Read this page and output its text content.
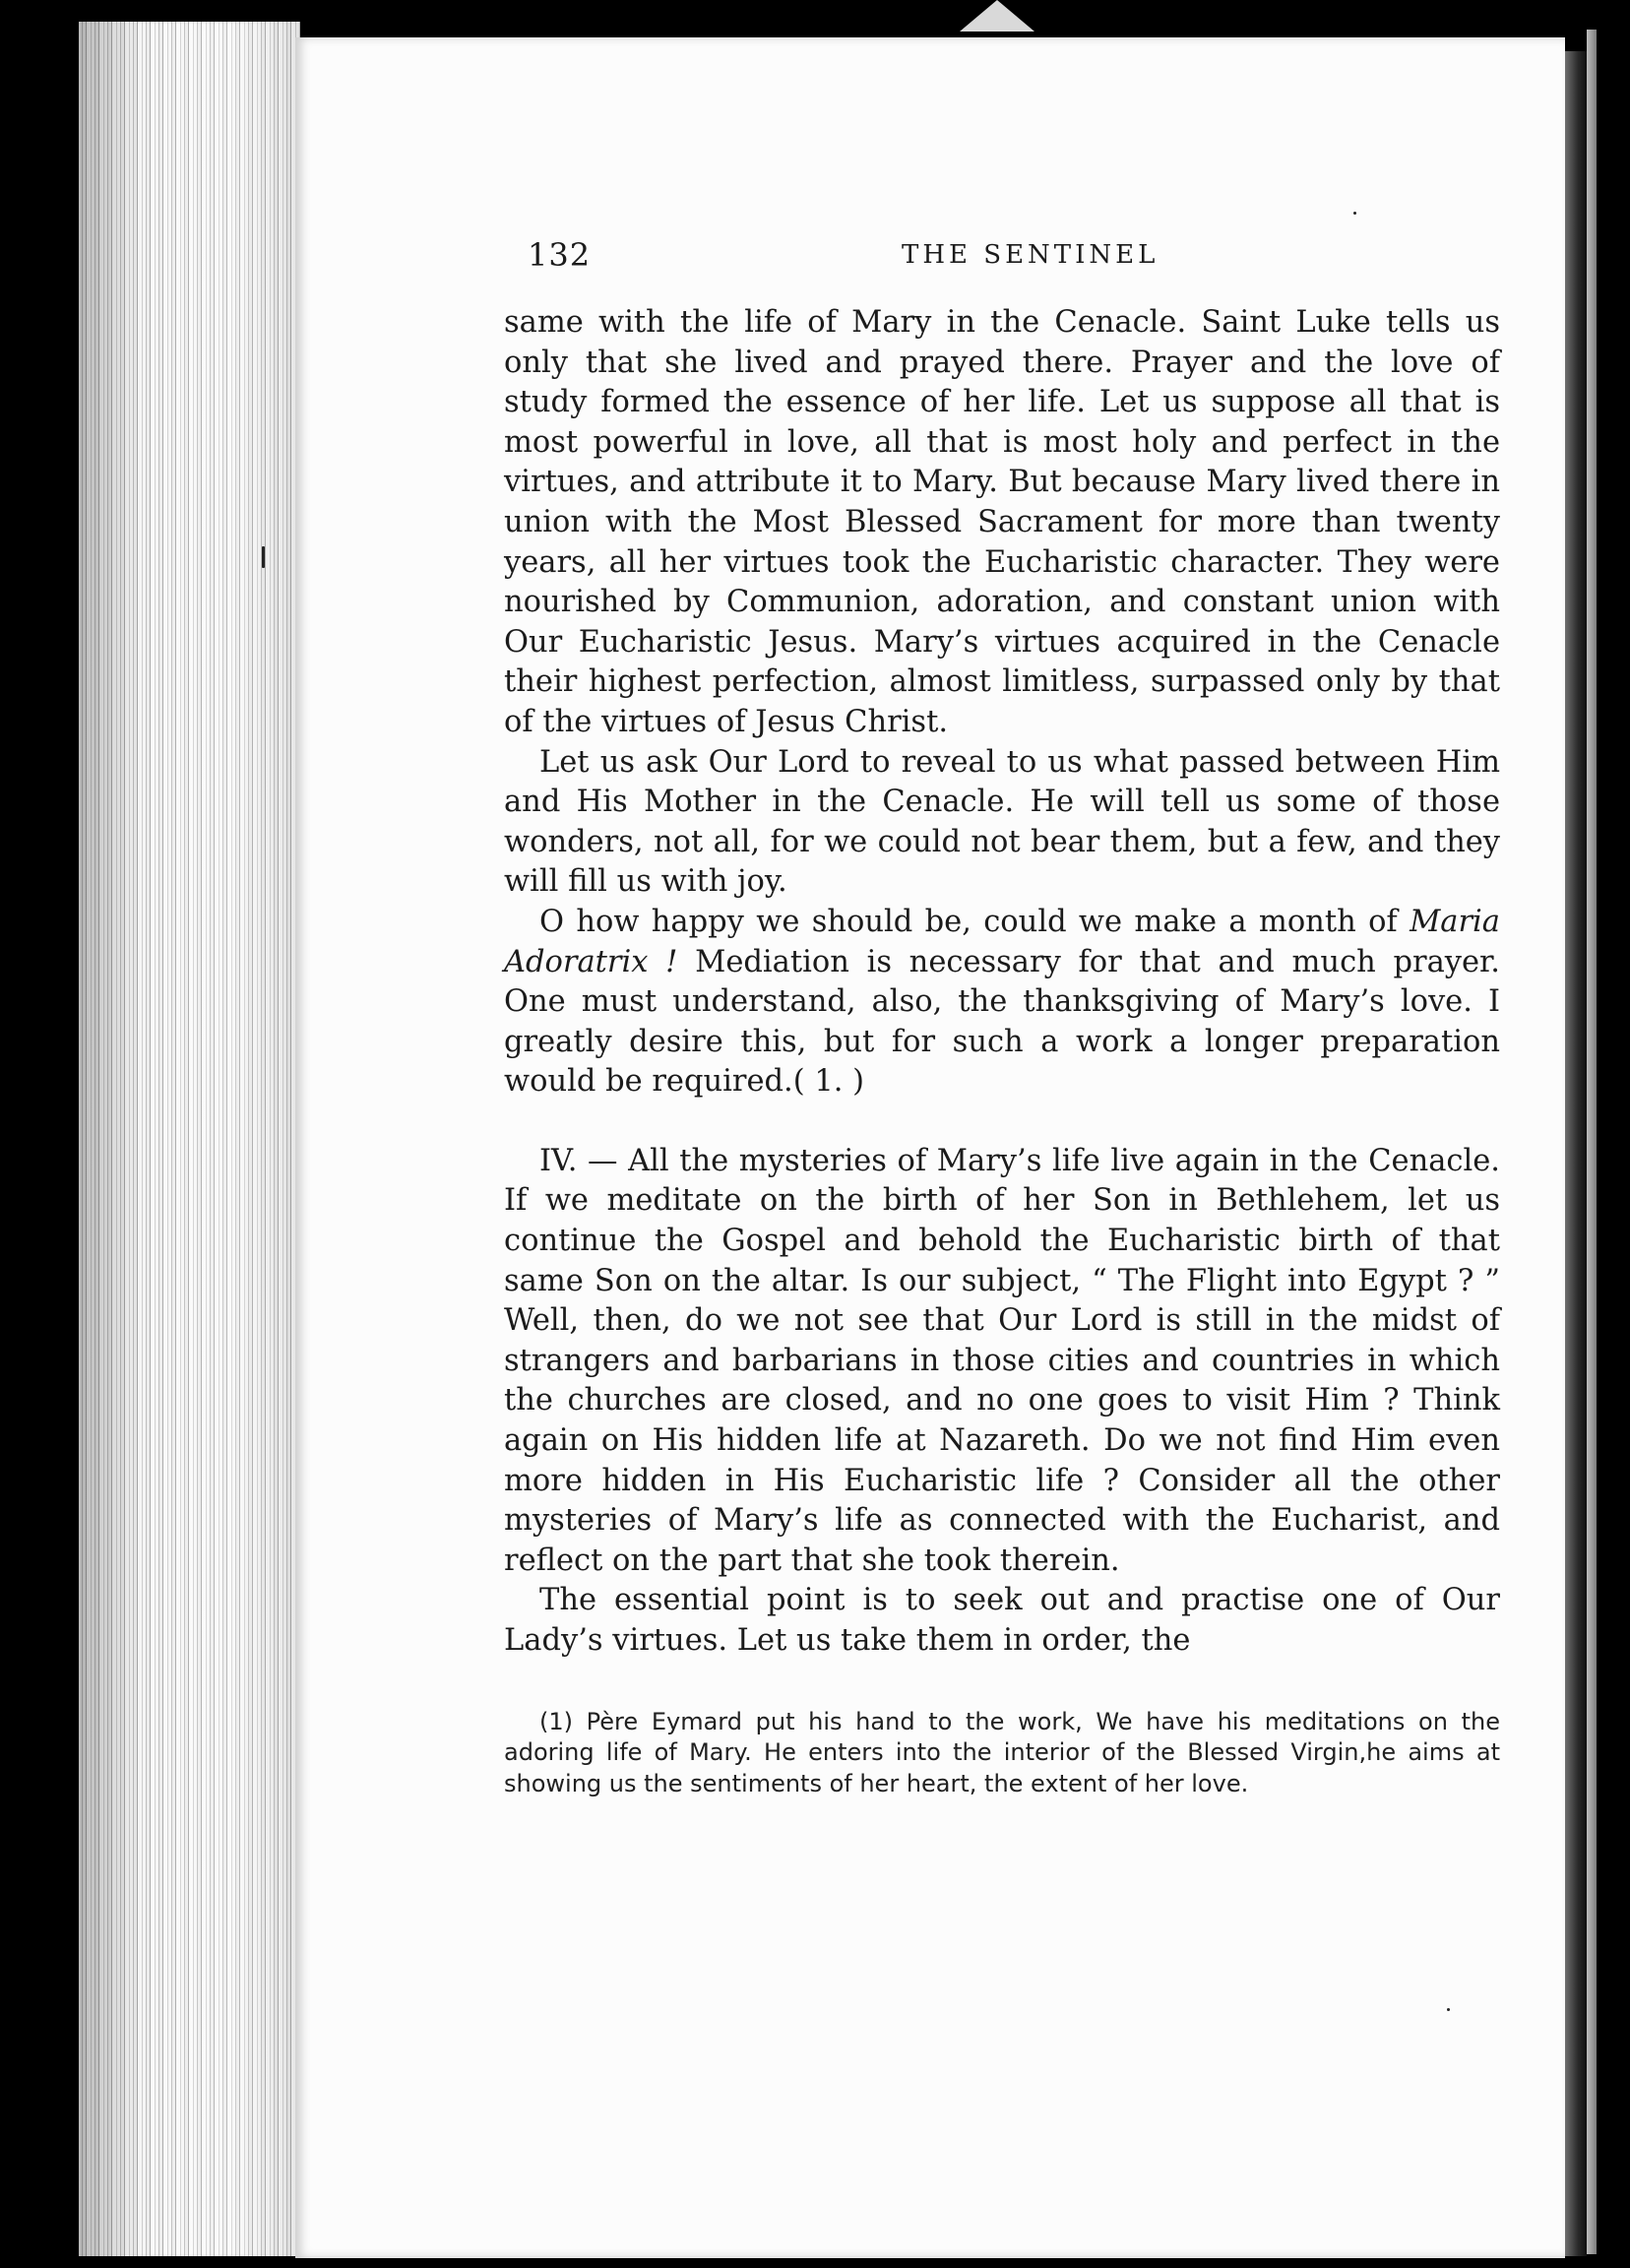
132	THE SENTINEL

same with the life of Mary in the Cenacle. Saint Luke tells us only that she lived and prayed there. Prayer and the love of study formed the essence of her life. Let us suppose all that is most powerful in love, all that is most holy and perfect in the virtues, and attribute it to Mary. But because Mary lived there in union with the Most Blessed Sacrament for more than twenty years, all her virtues took the Eucharistic character. They were nourished by Communion, adoration, and constant union with Our Eucharistic Jesus. Mary’s virtues acquired in the Cenacle their highest perfection, almost limitless, surpassed only by that of the virtues of Jesus Christ.

Let us ask Our Lord to reveal to us what passed between Him and His Mother in the Cenacle. He will tell us some of those wonders, not all, for we could not bear them, but a few, and they will fill us with joy.

O how happy we should be, could we make a month of Maria Adoratrix ! Mediation is necessary for that and much prayer. One must understand, also, the thanksgiving of Mary’s love. I greatly desire this, but for such a work a longer preparation would be required.( 1. )

IV. — All the mysteries of Mary’s life live again in the Cenacle. If we meditate on the birth of her Son in Bethlehem, let us continue the Gospel and behold the Eucharistic birth of that same Son on the altar. Is our subject, “ The Flight into Egypt ? ” Well, then, do we not see that Our Lord is still in the midst of strangers and barbarians in those cities and countries in which the churches are closed, and no one goes to visit Him ? Think again on His hidden life at Nazareth. Do we not find Him even more hidden in His Eucharistic life ? Consider all the other mysteries of Mary’s life as connected with the Eucharist, and reflect on the part that she took therein.

The essential point is to seek out and practise one of Our Lady’s virtues. Let us take them in order, the

(1) Père Eymard put his hand to the work, We have his meditations on the adoring life of Mary. He enters into the interior of the Blessed Virgin,he aims at showing us the sentiments of her heart, the extent of her love.
